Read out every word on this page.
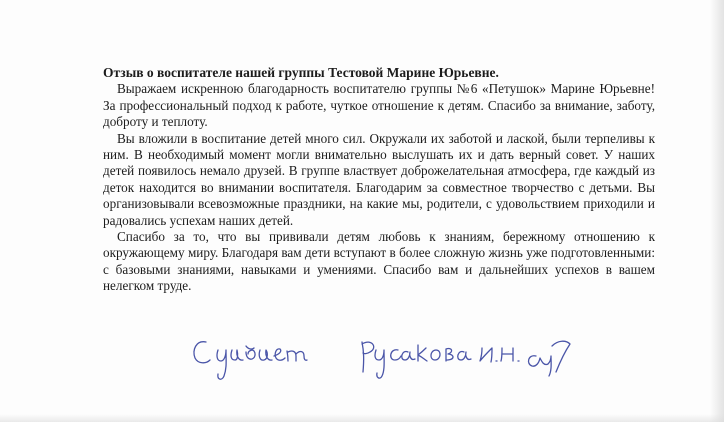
Отзыв о воспитателе нашей группы Тестовой Марине Юрьевне.

Выражаем искренною благодарность воспитателю группы №6 «Петушок» Марине Юрьевне! За профессиональный подход к работе, чуткое отношение к детям. Спасибо за внимание, заботу, доброту и теплоту.

Вы вложили в воспитание детей много сил. Окружали их заботой и лаской, были терпеливы к ним. В необходимый момент могли внимательно выслушать их и дать верный совет. У наших детей появилось немало друзей. В группе властвует доброжелательная атмосфера, где каждый из деток находится во внимании воспитателя. Благодарим за совместное творчество с детьми. Вы организовывали всевозможные праздники, на какие мы, родители, с удовольствием приходили и радовались успехам наших детей.

Спасибо за то, что вы прививали детям любовь к знаниям, бережному отношению к окружающему миру. Благодаря вам дети вступают в более сложную жизнь уже подготовленными: с базовыми знаниями, навыками и умениями. Спасибо вам и дальнейших успехов в вашем нелегком труде.
